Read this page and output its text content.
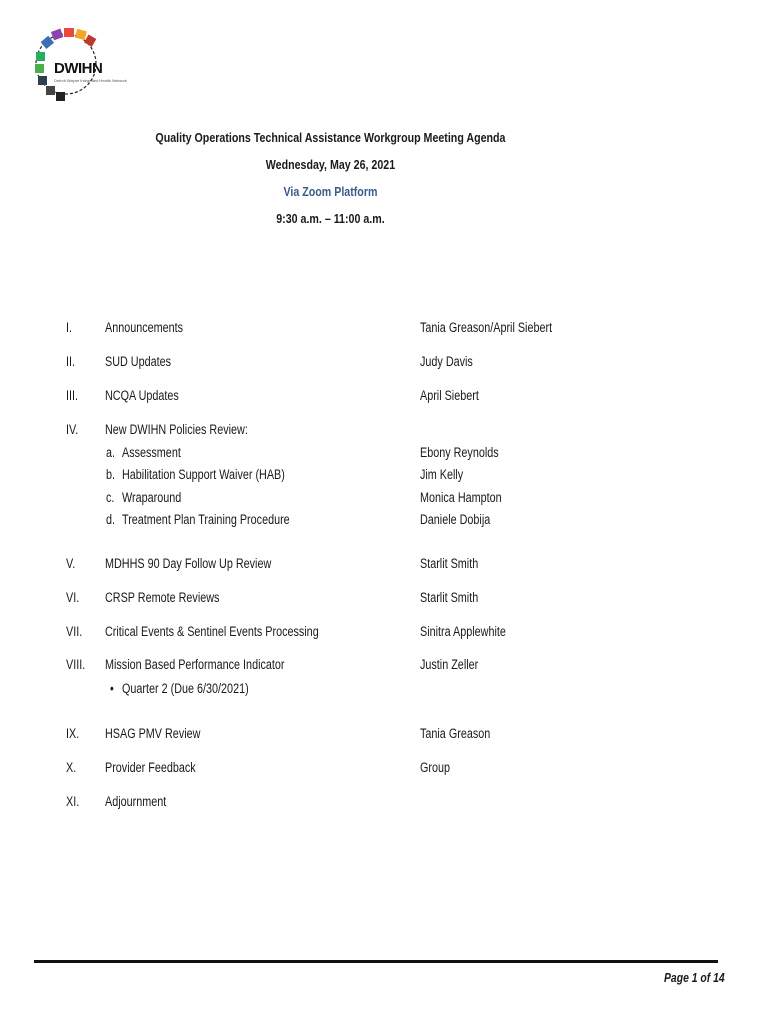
DWIHN
Detroit Wayne Integrated Health Network
Quality Operations Technical Assistance Workgroup Meeting Agenda
Wednesday, May 26, 2021
Via Zoom Platform
9:30 a.m. – 11:00 a.m.
I. Announcements	Tania Greason/April Siebert
II. SUD Updates	Judy Davis
III. NCQA Updates	April Siebert
IV. New DWIHN Policies Review:
a. Assessment	Ebony Reynolds
b. Habilitation Support Waiver (HAB)	Jim Kelly
c. Wraparound	Monica Hampton
d. Treatment Plan Training Procedure	Daniele Dobija
V. MDHHS 90 Day Follow Up Review	Starlit Smith
VI. CRSP Remote Reviews	Starlit Smith
VII. Critical Events & Sentinel Events Processing	Sinitra Applewhite
VIII. Mission Based Performance Indicator	Justin Zeller
• Quarter 2 (Due 6/30/2021)
IX. HSAG PMV Review	Tania Greason
X. Provider Feedback	Group
XI. Adjournment
Page 1 of 14
